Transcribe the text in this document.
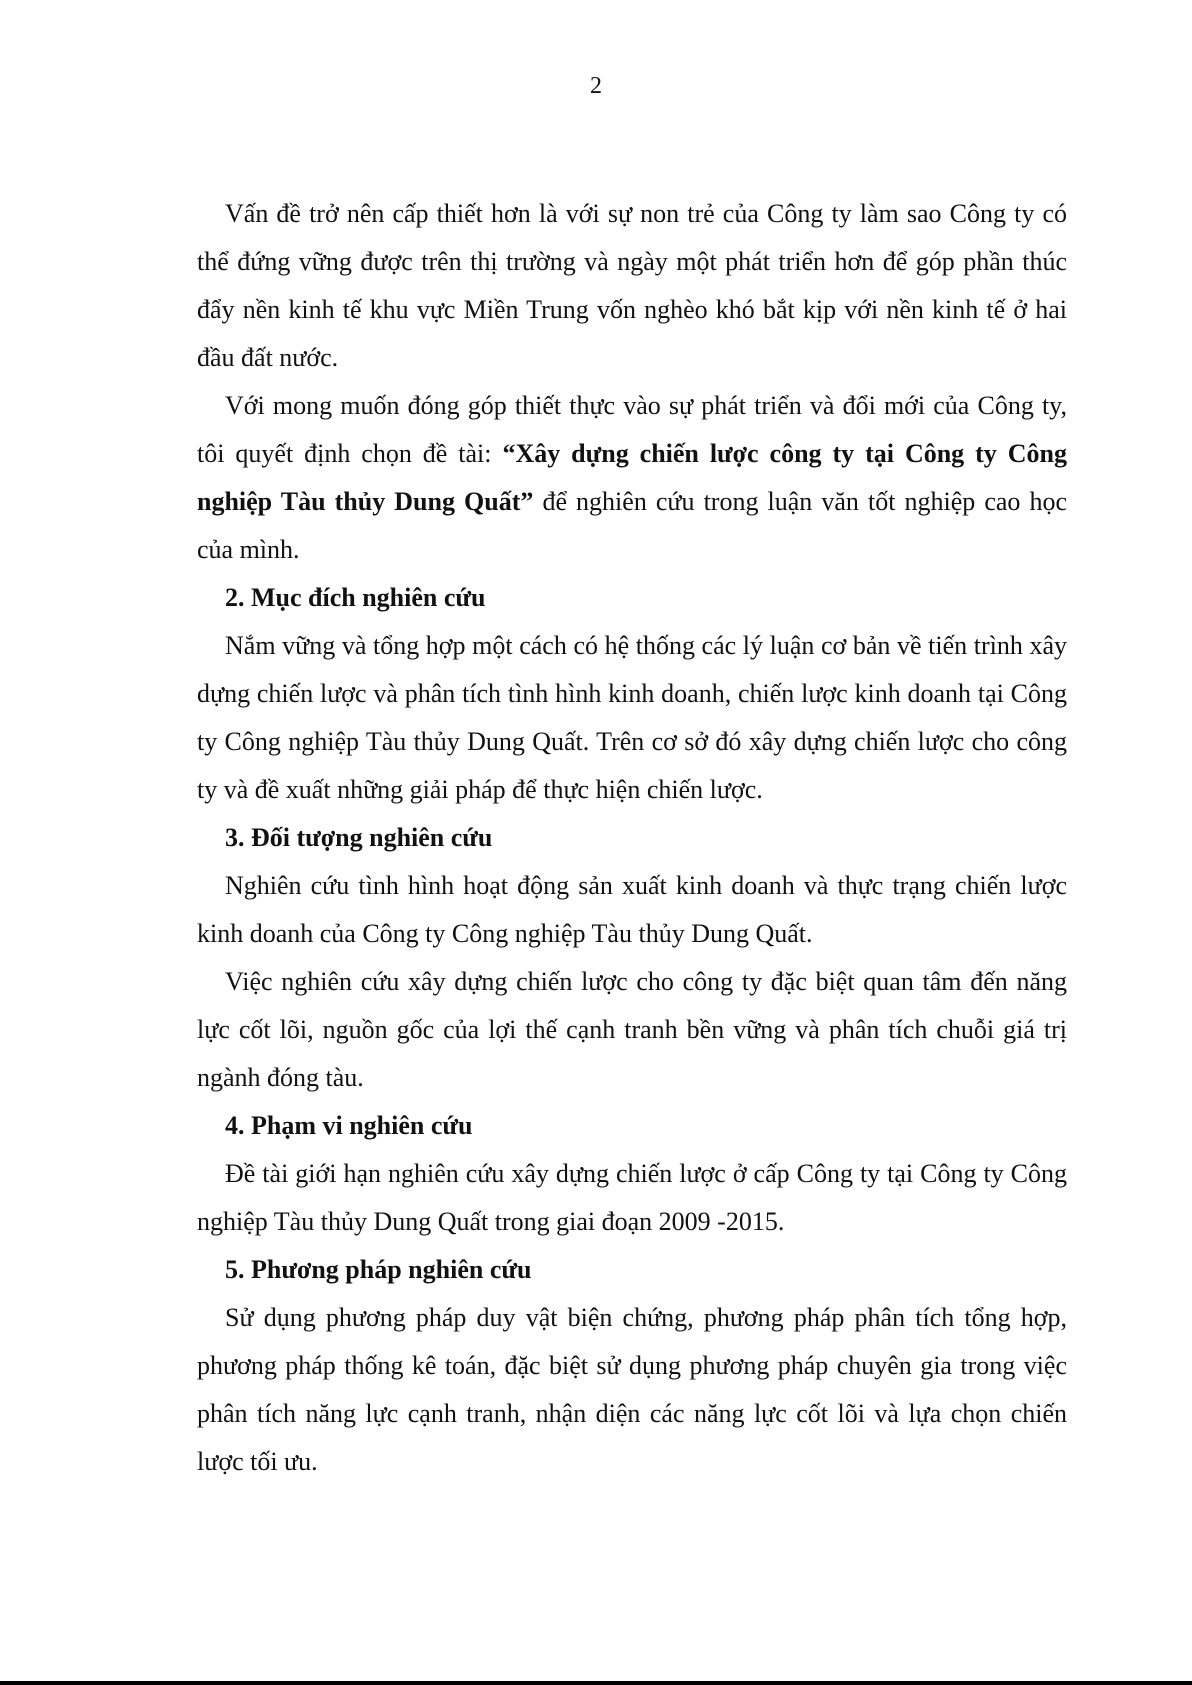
2

Vấn đề trở nên cấp thiết hơn là với sự non trẻ của Công ty làm sao Công ty có thể đứng vững được trên thị trường và ngày một phát triển hơn để góp phần thúc đẩy nền kinh tế khu vực Miền Trung vốn nghèo khó bắt kịp với nền kinh tế ở hai đầu đất nước.

Với mong muốn đóng góp thiết thực vào sự phát triển và đổi mới của Công ty, tôi quyết định chọn đề tài: “Xây dựng chiến lược công ty tại Công ty Công nghiệp Tàu thủy Dung Quất” để nghiên cứu trong luận văn tốt nghiệp cao học của mình.

2. Mục đích nghiên cứu

Nắm vững và tổng hợp một cách có hệ thống các lý luận cơ bản về tiến trình xây dựng chiến lược và phân tích tình hình kinh doanh, chiến lược kinh doanh tại Công ty Công nghiệp Tàu thủy Dung Quất. Trên cơ sở đó xây dựng chiến lược cho công ty và đề xuất những giải pháp để thực hiện chiến lược.

3. Đối tượng nghiên cứu

Nghiên cứu tình hình hoạt động sản xuất kinh doanh và thực trạng chiến lược kinh doanh của Công ty Công nghiệp Tàu thủy Dung Quất.

Việc nghiên cứu xây dựng chiến lược cho công ty đặc biệt quan tâm đến năng lực cốt lõi, nguồn gốc của lợi thế cạnh tranh bền vững và phân tích chuỗi giá trị ngành đóng tàu.

4. Phạm vi nghiên cứu

Đề tài giới hạn nghiên cứu xây dựng chiến lược ở cấp Công ty tại Công ty Công nghiệp Tàu thủy Dung Quất trong giai đoạn 2009 -2015.

5. Phương pháp nghiên cứu

Sử dụng phương pháp duy vật biện chứng, phương pháp phân tích tổng hợp, phương pháp thống kê toán, đặc biệt sử dụng phương pháp chuyên gia trong việc phân tích năng lực cạnh tranh, nhận diện các năng lực cốt lõi và lựa chọn chiến lược tối ưu.
